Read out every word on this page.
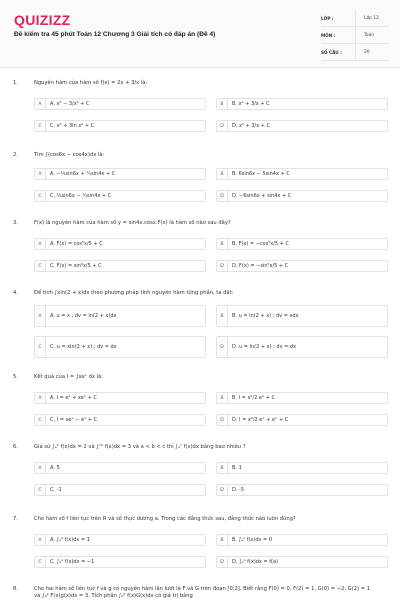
QUIZIZZ
Đề kiểm tra 45 phút Toán 12 Chương 3 Giải tích có đáp án (Đề 4)
LỚP :	Lớp 12
MÔN :	Toán
SỐ CÂU :	20
1.	Nguyên hàm của hàm số f(x) = 2x + 3/x là:
A	A. x² − 3/x² + C	B	B. x² + 3/x + C
C	C. x² + 3ln x² + C	D	D. x² + 3/x + C
2.	Tìm ∫(cos6x − cos4x)dx là:
A	A. −⅙sin6x + ¼sin4x + C	B	B. 6sin6x − 5sin4x + C
C	C. ⅙sin6x − ¼sin4x + C	D	D. −6sin6x + sin4x + C
3.	F(x) là nguyên hàm của hàm số y = sin4x.cosx.F(x) là hàm số nào sau đây?
A	A. F(x) = cos⁵x/5 + C	B	B. F(x) = −cos⁵x/5 + C
C	C. F(x) = sin⁵x/5 + C	D	D. F(x) = −sin⁵x/5 + C
4.	Để tính ∫xln(2 + x)dx theo phương pháp tính nguyên hàm từng phần, ta đặt:
A	A. u = x ; dv = ln(2 + x)dx	B	B. u = ln(2 + x) ; dv = xdx
C	C. u = xln(2 + x) ; dv = dx	D	D. u = ln(2 + x) ; dv = dx
5.	Kết quả của I = ∫xeˣ dx là:
A	A. I = eˣ + xeˣ + C	B	B. I = x²/2 eˣ + C
C	C. I = xeˣ − eˣ + C	D	D. I = x²/2 eˣ + eˣ + C
6.	Giả sử ∫ₐᵇ f(x)dx = 2 và ∫ᶜᵇ f(x)dx = 3 và a < b < c thì ∫ₐᶜ f(x)dx bằng bao nhiêu ?
A	A. 5	B	B. 1
C	C. -1	D	D. -5
7.	Cho hàm số f liên tục trên R và số thực dương a. Trong các đẳng thức sau, đẳng thức nào luôn đúng?
A	A. ∫ₐᵃ f(x)dx = 1	B	B. ∫ₐᵃ f(x)dx = 0
C	C. ∫ₐᵃ f(x)dx = −1	D	D. ∫ₐᵃ f(x)dx = f(a)
8.	Cho hai hàm số liên tục f và g có nguyên hàm lần lượt là F và G trên đoạn [0;2]. Biết rằng F(0) = 0, F(2) = 1, G(0) = −2, G(2) = 1 và ∫₀² F(x)g(x)dx = 3. Tích phân ∫₀² f(x)G(x)dx có giá trị bằng
